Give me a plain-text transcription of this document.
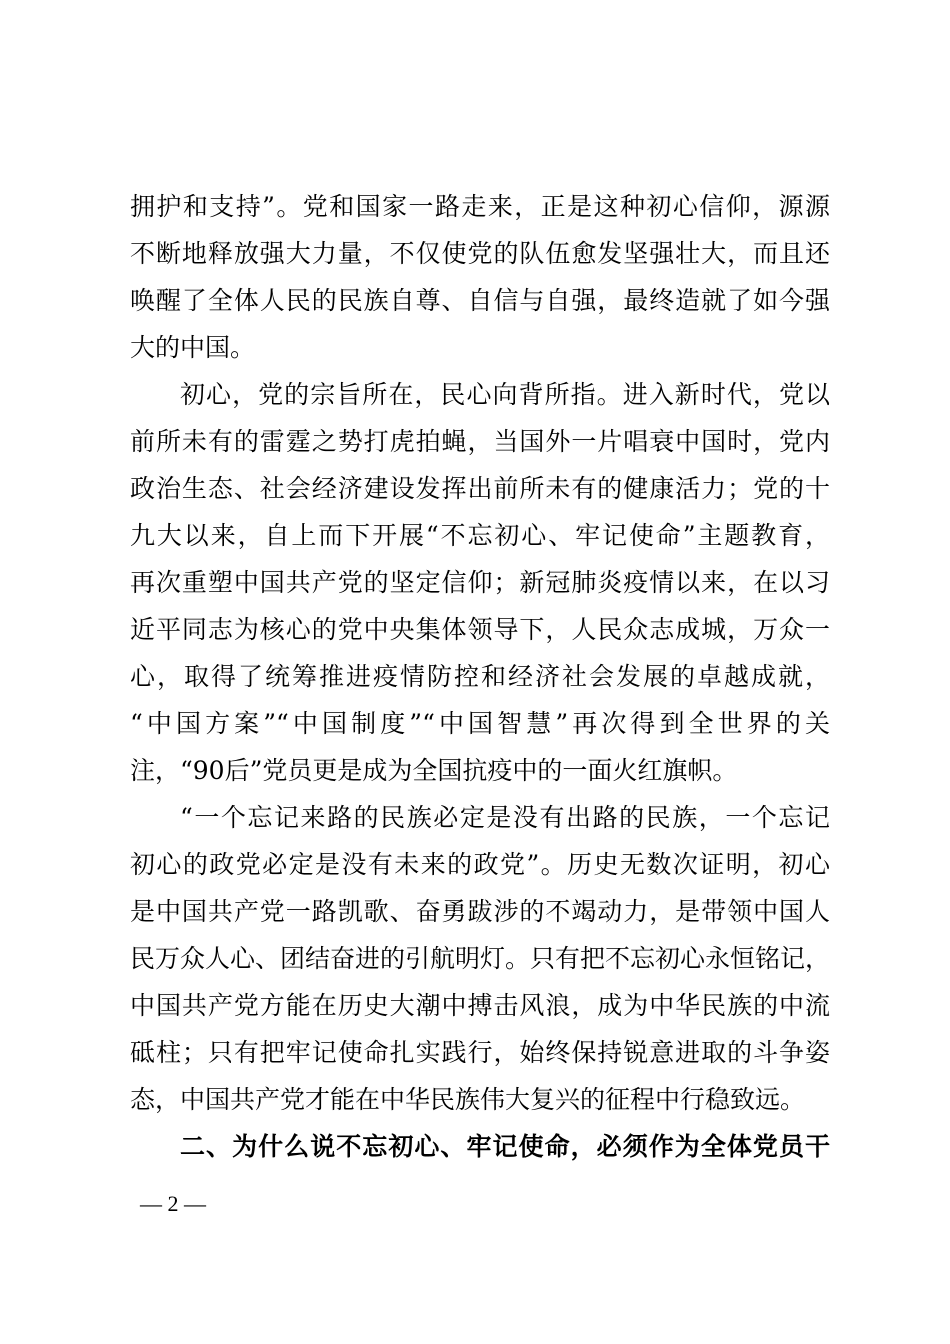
拥护和支持”。党和国家一路走来，正是这种初心信仰，源源
不断地释放强大力量，不仅使党的队伍愈发坚强壮大，而且还
唤醒了全体人民的民族自尊、自信与自强，最终造就了如今强
大的中国。
初心，党的宗旨所在，民心向背所指。进入新时代，党以
前所未有的雷霆之势打虎拍蝇，当国外一片唱衰中国时，党内
政治生态、社会经济建设发挥出前所未有的健康活力；党的十
九大以来，自上而下开展“不忘初心、牢记使命”主题教育，
再次重塑中国共产党的坚定信仰；新冠肺炎疫情以来，在以习
近平同志为核心的党中央集体领导下，人民众志成城，万众一
心，取得了统筹推进疫情防控和经济社会发展的卓越成就，
“中国方案”“中国制度”“中国智慧”再次得到全世界的关
注，“90后”党员更是成为全国抗疫中的一面火红旗帜。
“一个忘记来路的民族必定是没有出路的民族，一个忘记
初心的政党必定是没有未来的政党”。历史无数次证明，初心
是中国共产党一路凯歌、奋勇跋涉的不竭动力，是带领中国人
民万众人心、团结奋进的引航明灯。只有把不忘初心永恒铭记，
中国共产党方能在历史大潮中搏击风浪，成为中华民族的中流
砥柱；只有把牢记使命扎实践行，始终保持锐意进取的斗争姿
态，中国共产党才能在中华民族伟大复兴的征程中行稳致远。
二、为什么说不忘初心、牢记使命，必须作为全体党员干
— 2 —
